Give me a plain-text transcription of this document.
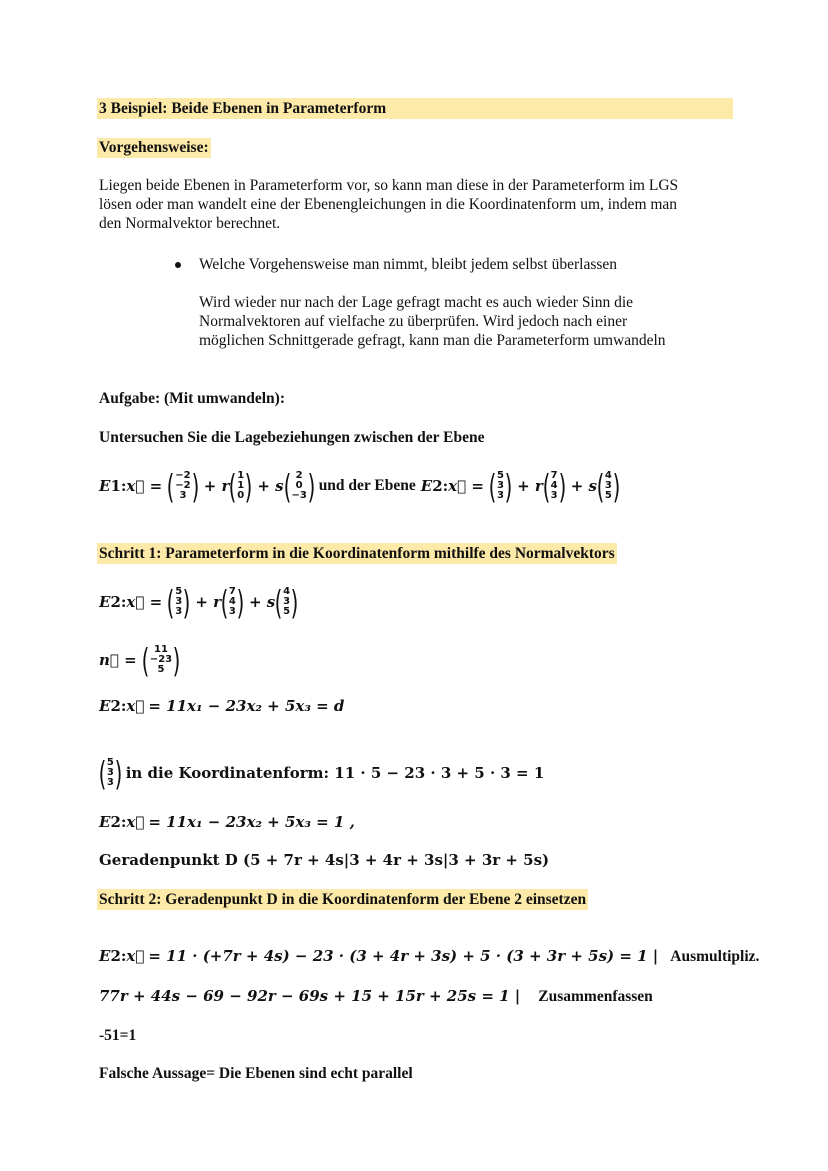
3 Beispiel: Beide Ebenen in Parameterform
Vorgehensweise:
Liegen beide Ebenen in Parameterform vor, so kann man diese in der Parameterform im LGS
lösen oder man wandelt eine der Ebenengleichungen in die Koordinatenform um, indem man
den Normalvektor berechnet.
Welche Vorgehensweise man nimmt, bleibt jedem selbst überlassen
Wird wieder nur nach der Lage gefragt macht es auch wieder Sinn die
Normalvektoren auf vielfache zu überprüfen. Wird jedoch nach einer
möglichen Schnittgerade gefragt, kann man die Parameterform umwandeln
Aufgabe: (Mit umwandeln):
Untersuchen Sie die Lagebeziehungen zwischen der Ebene
E 1 : x⃗ = ( −2
−2
3 ) + r ( 1
1
0 ) + s ( 2
0
−3 ) und der Ebene E 2 : x⃗ = ( 5
3
3 ) + r ( 7
4
3 ) + s ( 4
3
5 )
Schritt 1: Parameterform in die Koordinatenform mithilfe des Normalvektors
E 2 : x⃗ = ( 5
3
3 ) + r ( 7
4
3 ) + s ( 4
3
5 )
n⃗ = ( 11
−23
5 )
E 2 : x⃗ = 11x₁ − 23x₂ + 5x₃ = d
( 5
3
3 ) in die Koordinatenform: 11 · 5 − 23 · 3 + 5 · 3 = 1
E 2 : x⃗ = 11x₁ − 23x₂ + 5x₃ = 1 ,
Geradenpunkt D (5 + 7r + 4s|3 + 4r + 3s|3 + 3r + 5s)
Schritt 2: Geradenpunkt D in die Koordinatenform der Ebene 2 einsetzen
E 2 : x⃗ = 11 · (+7r + 4s) − 23 · (3 + 4r + 3s) + 5 · (3 + 3r + 5s) = 1 | Ausmultipliz.
77r + 44s − 69 − 92r − 69s + 15 + 15r + 25s = 1 | Zusammenfassen
-51=1
Falsche Aussage= Die Ebenen sind echt parallel
